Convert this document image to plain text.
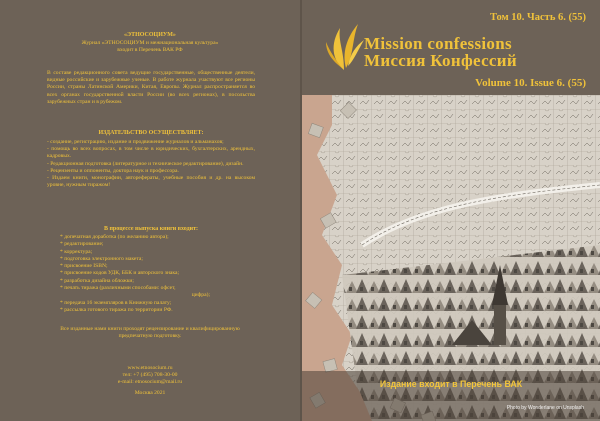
«ЭТНОСОЦИУМ»
Журнал «ЭТНОСОЦИУМ и межнациональная культура»
входит в Перечень ВАК РФ
В составе редакционного совета ведущие государственные, общественные деятели, видные российские и зарубежные ученые. В работе журнала участвуют все регионы России, страны Латинской Америки, Китая, Европы. Журнал распространяется во всех органах государственной власти России (во всех регионах), в посольства зарубежных стран и в рубежом.
ИЗДАТЕЛЬСТВО ОСУЩЕСТВЛЯЕТ:
- создание, регистрацию, издание и продвижение журналов и альманахов;
- помощь во всех вопросах, в том числе в юридических, бухгалтерских, арендных, кадровых.
- Редакционная подготовка (литературное и техническое редактирование), дизайн.
- Рецензенты и оппоненты, доктора наук и профессора.
- Издаем книги, монографии, авторефераты, учебные пособия и др. на высоком уровне, нужным тиражом!
В процессе выпуска книги входит:
* допечатная доработка (по желанию автора);
* редактирование;
* корректура;
* подготовка электронного макета;
* присвоение ISBN;
* присвоение кодов УДК, ББК и авторского знака;
* разработка дизайна обложки;
* печать тиража (различными способами: офсет,
цифра);
* передача 16 экземпляров в Книжную палату;
* рассылка готового тиража по территории РФ.
Все изданные нами книги проходят рецензирование и квалифицированную предпечатную подготовку.
www.etnosocium.ru
тел: +7 (495) 708-30-00
e-mail: etnosocium@mail.ru
Москва 2021
Том 10. Часть 6. (55)
Mission confessions
Миссия Конфессий
Volume 10. Issue 6. (55)
Издание входит в Перечень ВАК
Photo by Wonderlane on Unsplash
